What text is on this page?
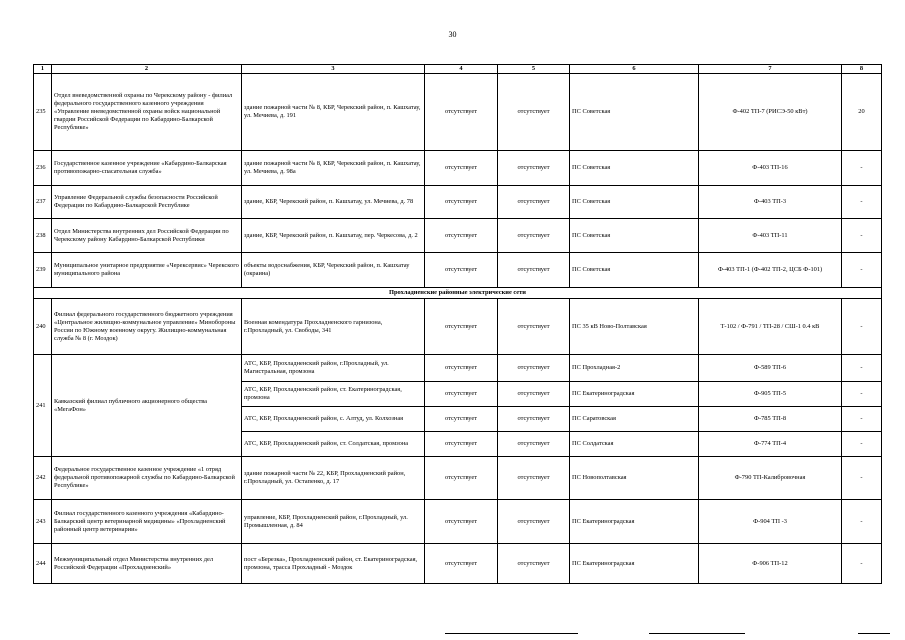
30
1	2	3	4	5	6	7	8
235	Отдел вневедомственной охраны по Черекскому району - филиал федерального государственного казенного учреждения «Управление вневедомственной охраны войск национальной гвардии Российской Федерации по Кабардино-Балкарской Республике»	здание пожарной части № 8, КБР, Черекский район, п. Кашхатау, ул. Мечиева, д. 191	отсутствует	отсутствует	ПС Советская	Ф-402 ТП-7 (РИСЭ-50 кВт)	20
236	Государственное казенное учреждение «Кабардино-Балкарская противопожарно-спасательная служба»	здание пожарной части № 8, КБР, Черекский район, п. Кашхатау, ул. Мечиева, д. 98а	отсутствует	отсутствует	ПС Советская	Ф-403 ТП-16	-
237	Управление Федеральной службы безопасности Российской Федерации по Кабардино-Балкарской Республике	здание, КБР, Черекский район, п. Кашхатау, ул. Мечиева, д. 78	отсутствует	отсутствует	ПС Советская	Ф-403 ТП-3	-
238	Отдел Министерства внутренних дел Российской Федерации по Черекскому району Кабардино-Балкарской Республики	здание, КБР, Черекский район, п. Кашхатау, пер. Черкесова, д. 2	отсутствует	отсутствует	ПС Советская	Ф-403 ТП-11	-
239	Муниципальное унитарное предприятие «Черексервис» Черекского муниципального района	объекты водоснабжения, КБР, Черекский район, п. Кашхатау (окраина)	отсутствует	отсутствует	ПС Советская	Ф-403 ТП-1 (Ф-402 ТП-2, ЦСБ Ф-101)	-
Прохладненские районные электрические сети							
240	Филиал федерального государственного бюджетного учреждения «Центральное жилищно-коммунальное управление» Минобороны России по Южному военному округу. Жилищно-коммунальная служба № 8 (г. Моздок)	Военная комендатура Прохладненского гарнизона, г.Прохладный, ул. Свободы, 341	отсутствует	отсутствует	ПС 35 кВ Ново-Полтавская	Т-102 / Ф-791 / ТП-28 / СШ-1 0.4 кВ	-
241	Кавказский филиал публичного акционерного общества «МегаФон»	АТС, КБР, Прохладненский район, г.Прохладный, ул. Магистральная, промзона	отсутствует	отсутствует	ПС Прохладная-2	Ф-589 ТП-6	-
		АТС, КБР, Прохладненский район, ст. Екатериноградская, промзона	отсутствует	отсутствует	ПС Екатериноградская	Ф-905 ТП-5	-
		АТС, КБР, Прохладненский район, с. Алтуд, ул. Колхозная	отсутствует	отсутствует	ПС Саратовская	Ф-785 ТП-8	-
		АТС, КБР, Прохладненский район, ст. Солдатская, промзона	отсутствует	отсутствует	ПС Солдатская	Ф-774 ТП-4	-
242	Федеральное государственное казенное учреждение «1 отряд федеральной противопожарной службы по Кабардино-Балкарской Республике»	здание пожарной части № 22, КБР, Прохладненский район, г.Прохладный, ул. Остапенко, д. 17	отсутствует	отсутствует	ПС Новополтавская	Ф-790 ТП-Калибровочная	-
243	Филиал государственного казенного учреждения «Кабардино-Балкарский центр ветеринарной медицины» «Прохладненский районный центр ветеринарии»	управление, КБР, Прохладненский район, г.Прохладный, ул. Промышленная, д. 84	отсутствует	отсутствует	ПС Екатериноградская	Ф-904 ТП -3	-
244	Межмуниципальный отдел Министерства внутренних дел Российской Федерации «Прохладненский»	пост «Березка», Прохладненский район, ст. Екатериноградская, промзона, трасса Прохладный - Моздок	отсутствует	отсутствует	ПС Екатериноградская	Ф-906 ТП-12	-
